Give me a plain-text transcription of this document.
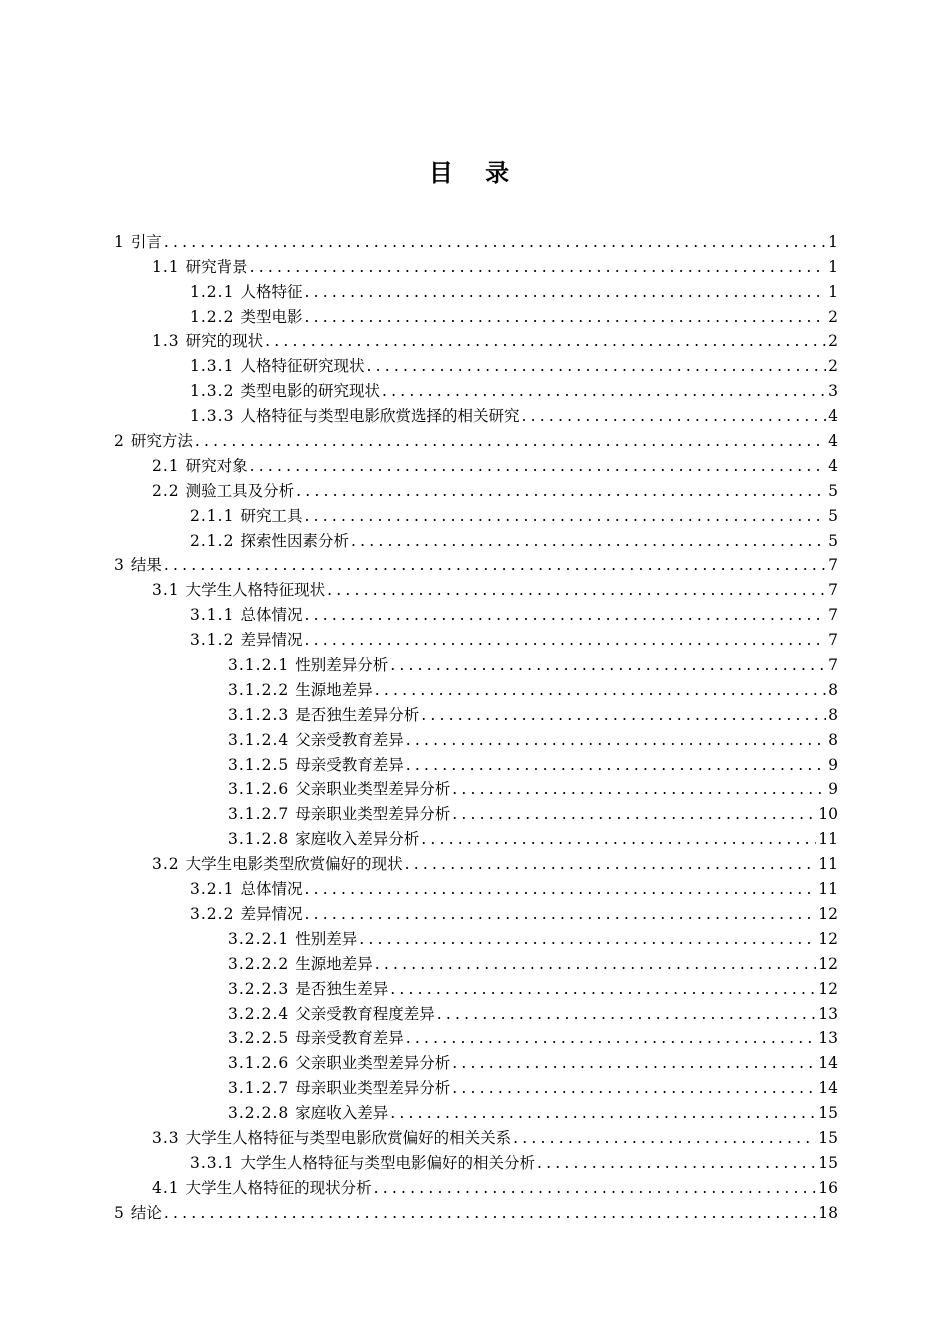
目 录
1 引言 .....	1
1.1 研究背景 .....	1
1.2.1 人格特征 .....	1
1.2.2 类型电影 .....	2
1.3 研究的现状 .....	2
1.3.1 人格特征研究现状 .....	2
1.3.2 类型电影的研究现状 .....	3
1.3.3 人格特征与类型电影欣赏选择的相关研究 .....	4
2 研究方法 .....	4
2.1 研究对象 .....	4
2.2 测验工具及分析 .....	5
2.1.1 研究工具 .....	5
2.1.2 探索性因素分析 .....	5
3 结果 .....	7
3.1 大学生人格特征现状 .....	7
3.1.1 总体情况 .....	7
3.1.2 差异情况 .....	7
3.1.2.1 性别差异分析 .....	7
3.1.2.2 生源地差异 .....	8
3.1.2.3 是否独生差异分析 .....	8
3.1.2.4 父亲受教育差异 .....	8
3.1.2.5 母亲受教育差异 .....	9
3.1.2.6 父亲职业类型差异分析 .....	9
3.1.2.7 母亲职业类型差异分析 .....	10
3.1.2.8 家庭收入差异分析 .....	11
3.2 大学生电影类型欣赏偏好的现状 .....	11
3.2.1 总体情况 .....	11
3.2.2 差异情况 .....	12
3.2.2.1 性别差异 .....	12
3.2.2.2 生源地差异 .....	12
3.2.2.3 是否独生差异 .....	12
3.2.2.4 父亲受教育程度差异 .....	13
3.2.2.5 母亲受教育差异 .....	13
3.1.2.6 父亲职业类型差异分析 .....	14
3.1.2.7 母亲职业类型差异分析 .....	14
3.2.2.8 家庭收入差异 .....	15
3.3 大学生人格特征与类型电影欣赏偏好的相关关系 .....	15
3.3.1 大学生人格特征与类型电影偏好的相关分析 .....	15
4.1 大学生人格特征的现状分析 .....	16
5 结论 .....	18
